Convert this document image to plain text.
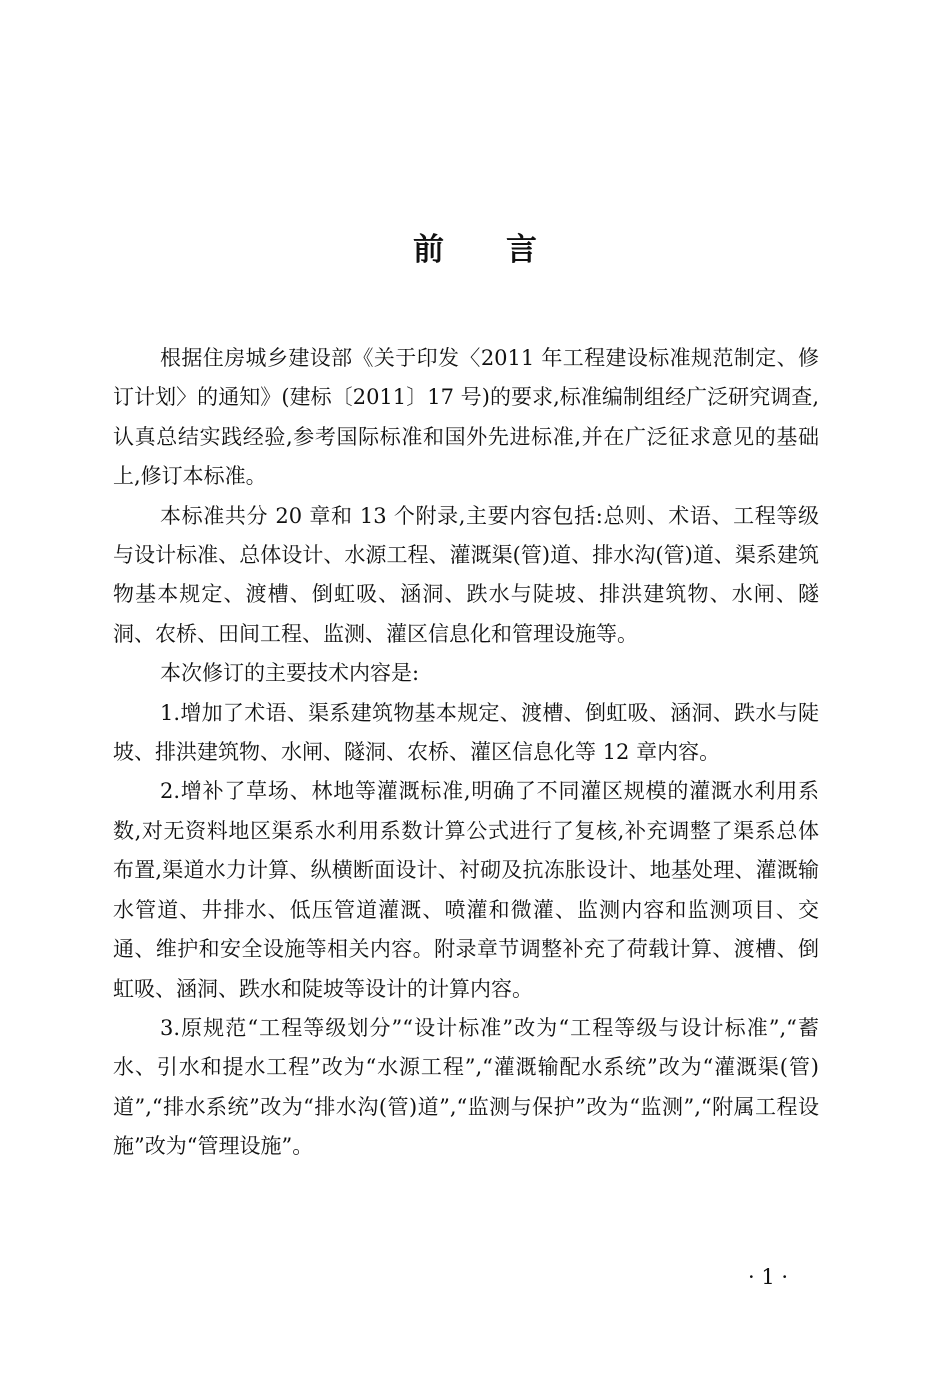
前言

根据住房城乡建设部《关于印发〈2011 年工程建设标准规范制定、修订计划〉的通知》(建标〔2011〕17 号)的要求,标准编制组经广泛研究调查,认真总结实践经验,参考国际标准和国外先进标准,并在广泛征求意见的基础上,修订本标准。

本标准共分 20 章和 13 个附录,主要内容包括:总则、术语、工程等级与设计标准、总体设计、水源工程、灌溉渠(管)道、排水沟(管)道、渠系建筑物基本规定、渡槽、倒虹吸、涵洞、跌水与陡坡、排洪建筑物、水闸、隧洞、农桥、田间工程、监测、灌区信息化和管理设施等。

本次修订的主要技术内容是:

1.增加了术语、渠系建筑物基本规定、渡槽、倒虹吸、涵洞、跌水与陡坡、排洪建筑物、水闸、隧洞、农桥、灌区信息化等 12 章内容。

2.增补了草场、林地等灌溉标准,明确了不同灌区规模的灌溉水利用系数,对无资料地区渠系水利用系数计算公式进行了复核,补充调整了渠系总体布置,渠道水力计算、纵横断面设计、衬砌及抗冻胀设计、地基处理、灌溉输水管道、井排水、低压管道灌溉、喷灌和微灌、监测内容和监测项目、交通、维护和安全设施等相关内容。附录章节调整补充了荷载计算、渡槽、倒虹吸、涵洞、跌水和陡坡等设计的计算内容。

3.原规范“工程等级划分”“设计标准”改为“工程等级与设计标准”,“蓄水、引水和提水工程”改为“水源工程”,“灌溉输配水系统”改为“灌溉渠(管)道”,“排水系统”改为“排水沟(管)道”,“监测与保护”改为“监测”,“附属工程设施”改为“管理设施”。

· 1 ·
